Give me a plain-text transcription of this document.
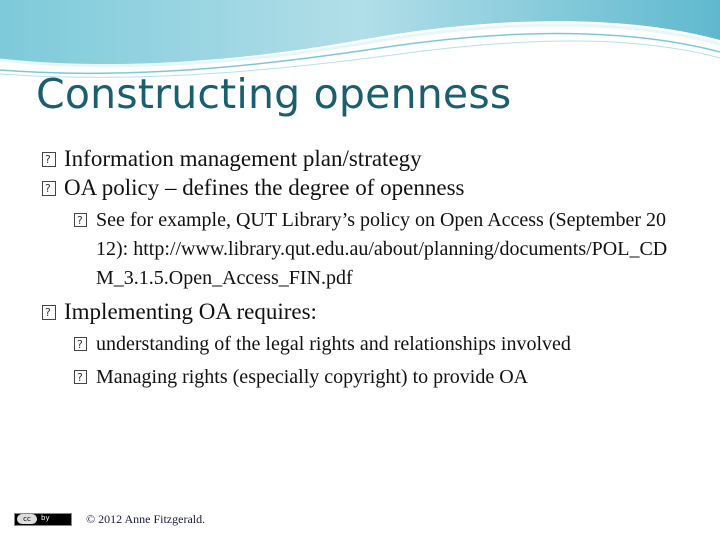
Constructing openness
?
Information management plan/strategy
?
OA policy – defines the degree of openness
?
See for example, QUT Library’s policy on Open Access (September 2012): http://www.library.qut.edu.au/about/planning/documents/POL_CDM_3.1.5.Open_Access_FIN.pdf
?
Implementing OA requires:
?
understanding of the legal rights and relationships involved
?
Managing rights (especially copyright) to provide OA
cc	by	© 2012 Anne Fitzgerald.
